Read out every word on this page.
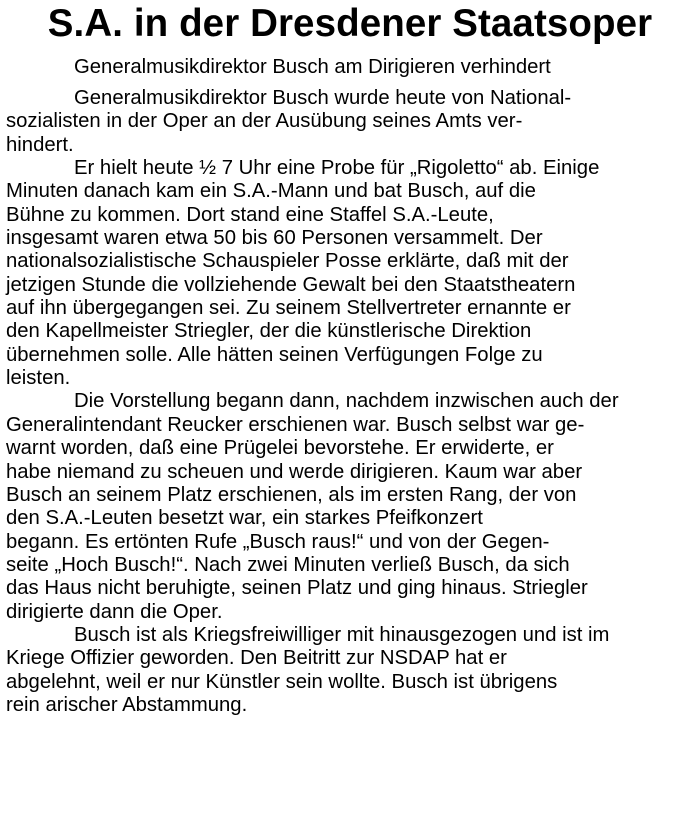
S.A. in der Dresdener Staatsoper
Generalmusikdirektor Busch am Dirigieren verhindert

Generalmusikdirektor Busch wurde heute von National-
sozialisten in der Oper an der Ausübung seines Amts ver-
hindert.

Er hielt heute ½ 7 Uhr eine Probe für „Rigoletto“ ab. Einige
Minuten danach kam ein S.A.-Mann und bat Busch, auf die
Bühne zu kommen. Dort stand eine Staffel S.A.-Leute,
insgesamt waren etwa 50 bis 60 Personen versammelt. Der
nationalsozialistische Schauspieler Posse erklärte, daß mit der
jetzigen Stunde die vollziehende Gewalt bei den Staatstheatern
auf ihn übergegangen sei. Zu seinem Stellvertreter ernannte er
den Kapellmeister Striegler, der die künstlerische Direktion
übernehmen solle. Alle hätten seinen Verfügungen Folge zu
leisten.

Die Vorstellung begann dann, nachdem inzwischen auch der
Generalintendant Reucker erschienen war. Busch selbst war ge-
warnt worden, daß eine Prügelei bevorstehe. Er erwiderte, er
habe niemand zu scheuen und werde dirigieren. Kaum war aber
Busch an seinem Platz erschienen, als im ersten Rang, der von
den S.A.-Leuten besetzt war, ein starkes Pfeifkonzert
begann. Es ertönten Rufe „Busch raus!“ und von der Gegen-
seite „Hoch Busch!“. Nach zwei Minuten verließ Busch, da sich
das Haus nicht beruhigte, seinen Platz und ging hinaus. Striegler
dirigierte dann die Oper.

Busch ist als Kriegsfreiwilliger mit hinausgezogen und ist im
Kriege Offizier geworden. Den Beitritt zur NSDAP hat er
abgelehnt, weil er nur Künstler sein wollte. Busch ist übrigens
rein arischer Abstammung.
